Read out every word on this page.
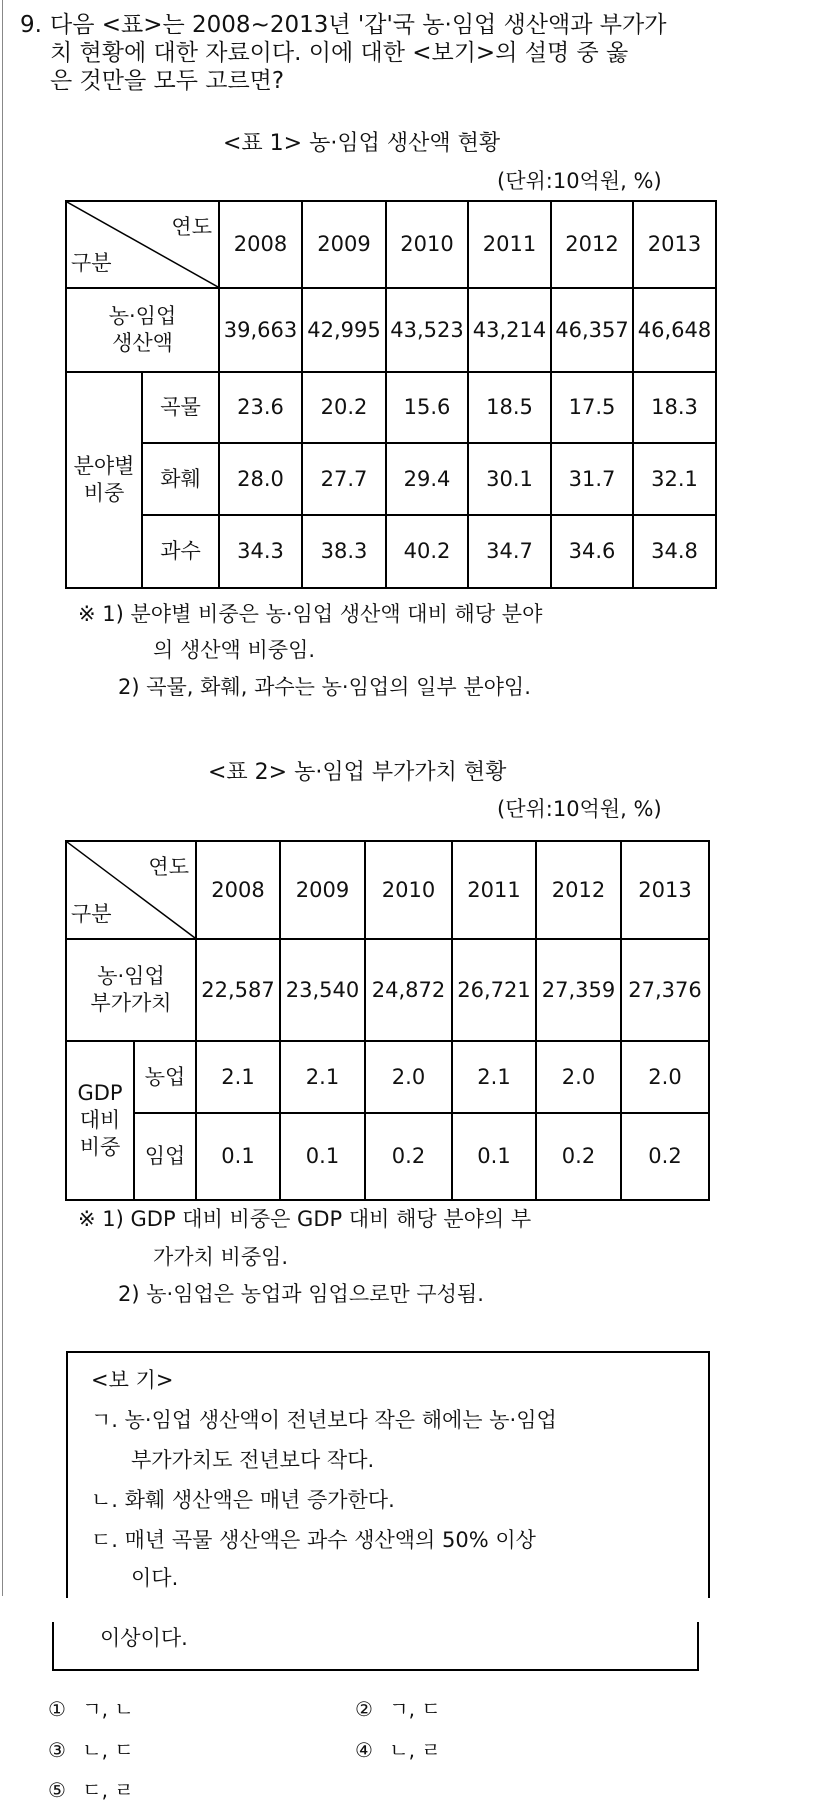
9. 다음 <표>는 2008~2013년 '갑'국 농·임업 생산액과 부가가
치 현황에 대한 자료이다. 이에 대한 <보기>의 설명 중 옳
은 것만을 모두 고르면?
<표 1> 농·임업 생산액 현황
(단위:10억원, %)
연도
구분		2008	2009	2010	2011	2012	2013

농·임업
생산액		39,663	42,995	43,523	43,214	46,357	46,648

분야별
비중	곡물	23.6	20.2	15.6	18.5	17.5	18.3
	화훼	28.0	27.7	29.4	30.1	31.7	32.1
	과수	34.3	38.3	40.2	34.7	34.6	34.8
※ 1) 분야별 비중은 농·임업 생산액 대비 해당 분야
의 생산액 비중임.
2) 곡물, 화훼, 과수는 농·임업의 일부 분야임.
<표 2> 농·임업 부가가치 현황
(단위:10억원, %)
연도
구분		2008	2009	2010	2011	2012	2013

농·임업
부가가치		22,587	23,540	24,872	26,721	27,359	27,376

GDP
대비
비중	농업	2.1	2.1	2.0	2.1	2.0	2.0
	임업	0.1	0.1	0.2	0.1	0.2	0.2
※ 1) GDP 대비 비중은 GDP 대비 해당 분야의 부
가가치 비중임.
2) 농·임업은 농업과 임업으로만 구성됨.
<보 기>
ㄱ. 농·임업 생산액이 전년보다 작은 해에는 농·임업
부가가치도 전년보다 작다.
ㄴ. 화훼 생산액은 매년 증가한다.
ㄷ. 매년 곡물 생산액은 과수 생산액의 50% 이상
이다.
이상이다.
① ㄱ, ㄴ	② ㄱ, ㄷ
③ ㄴ, ㄷ	④ ㄴ, ㄹ
⑤ ㄷ, ㄹ
